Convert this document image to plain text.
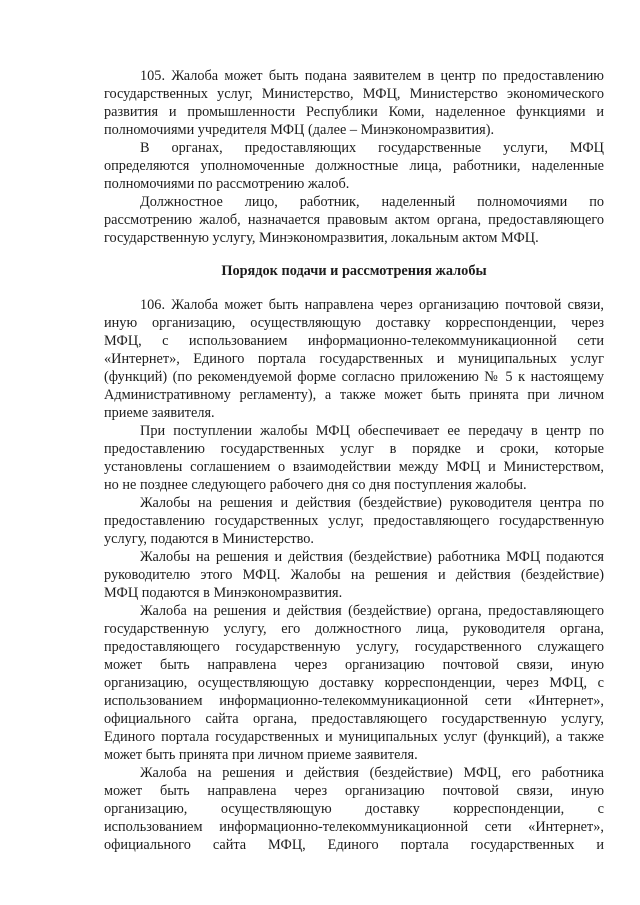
105. Жалоба может быть подана заявителем в центр по предоставлению

государственных услуг, Министерство, МФЦ, Министерство экономического

развития и промышленности Республики Коми, наделенное функциями и

полномочиями учредителя МФЦ (далее – Минэкономразвития).

В органах, предоставляющих государственные услуги, МФЦ

определяются уполномоченные должностные лица, работники, наделенные

полномочиями по рассмотрению жалоб.

Должностное лицо, работник, наделенный полномочиями по

рассмотрению жалоб, назначается правовым актом органа, предоставляющего

государственную услугу, Минэкономразвития, локальным актом МФЦ.

Порядок подачи и рассмотрения жалобы

106. Жалоба может быть направлена через организацию почтовой связи,

иную организацию, осуществляющую доставку корреспонденции, через

МФЦ, с использованием информационно-телекоммуникационной сети

«Интернет», Единого портала государственных и муниципальных услуг

(функций) (по рекомендуемой форме согласно приложению № 5 к настоящему

Административному регламенту), а также может быть принята при личном

приеме заявителя.

При поступлении жалобы МФЦ обеспечивает ее передачу в центр по

предоставлению государственных услуг в порядке и сроки, которые

установлены соглашением о взаимодействии между МФЦ и Министерством,

но не позднее следующего рабочего дня со дня поступления жалобы.

Жалобы на решения и действия (бездействие) руководителя центра по

предоставлению государственных услуг, предоставляющего государственную

услугу, подаются в Министерство.

Жалобы на решения и действия (бездействие) работника МФЦ подаются

руководителю этого МФЦ. Жалобы на решения и действия (бездействие)

МФЦ подаются в Минэкономразвития.

Жалоба на решения и действия (бездействие) органа, предоставляющего

государственную услугу, его должностного лица, руководителя органа,

предоставляющего государственную услугу, государственного служащего

может быть направлена через организацию почтовой связи, иную

организацию, осуществляющую доставку корреспонденции, через МФЦ, с

использованием информационно-телекоммуникационной сети «Интернет»,

официального сайта органа, предоставляющего государственную услугу,

Единого портала государственных и муниципальных услуг (функций), а также

может быть принята при личном приеме заявителя.

Жалоба на решения и действия (бездействие) МФЦ, его работника

может быть направлена через организацию почтовой связи, иную

организацию, осуществляющую доставку корреспонденции, с

использованием информационно-телекоммуникационной сети «Интернет»,

официального сайта МФЦ, Единого портала государственных и
